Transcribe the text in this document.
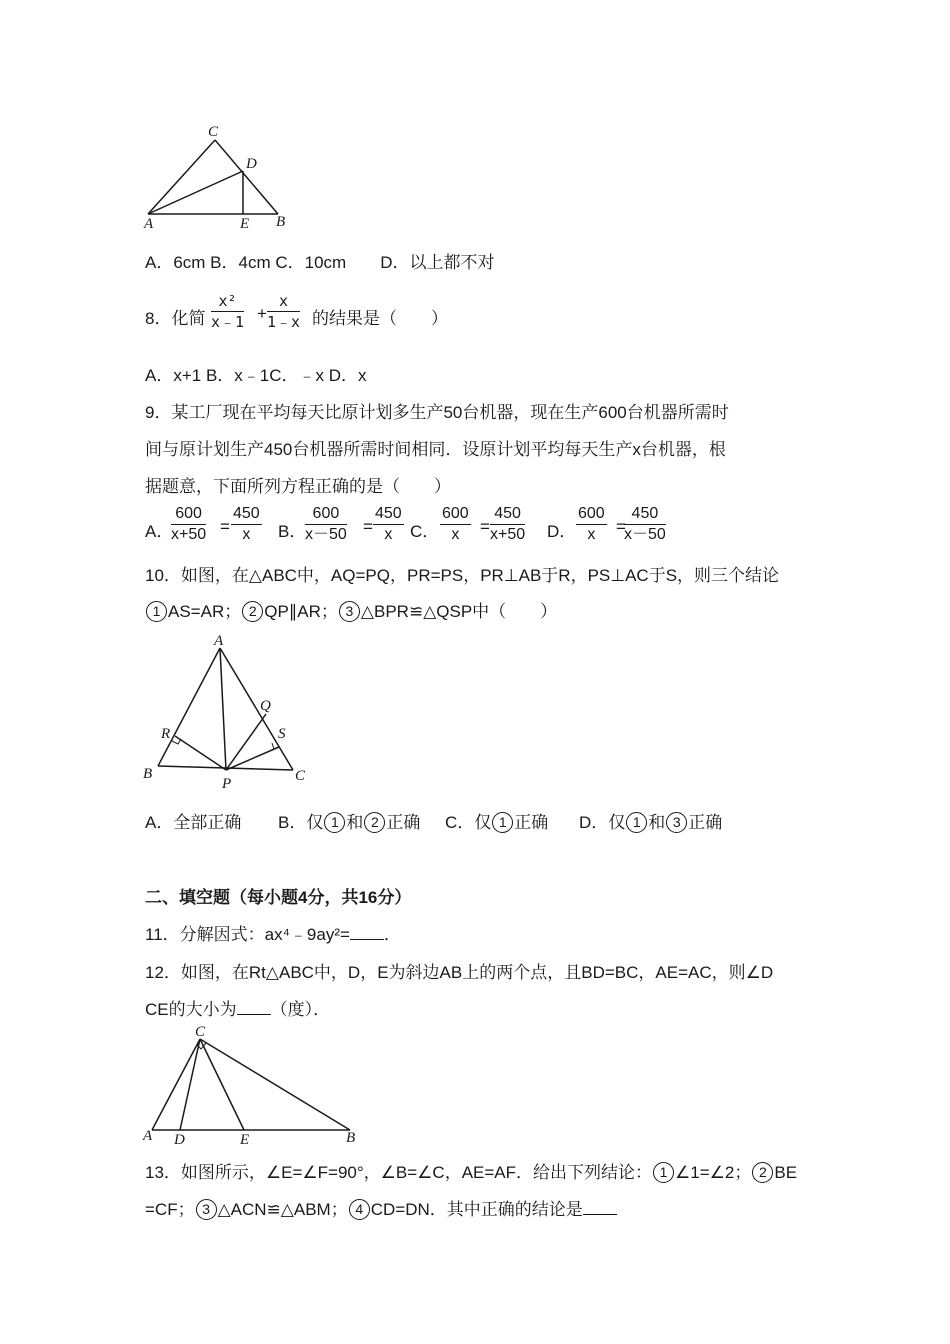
C
D
A	E B
A．6cm B．4cm C．10cm　　D．以上都不对
8．化简 $\frac{\text{x²}}{x﹣1} + \frac{x}{1﹣x}$ 的结果是（　　）
A．x+1 B．x﹣1C．﹣x D．x
9．某工厂现在平均每天比原计划多生产50台机器，现在生产600台机器所需时
间与原计划生产450台机器所需时间相同．设原计划平均每天生产x台机器，根
据题意，下面所列方程正确的是（　　）
A．
$\frac{600}{x+50} = \frac{450}{x}$ B．
$\frac{600}{x-50} = \frac{450}{x}$ C． $\frac{600}{x} = \frac{450}{x+50}$ D． $\frac{600}{x}$ =
$\frac{450}{x-50}$
10．如图，在△ABC中，AQ=PQ，PR=PS，PR⊥AB于R，PS⊥AC于S，则三个结论
1 AS=AR； 2 QP∥AR； 3 △BPR≌△QSP中（　　）
A
Q
R	S
B
P	C
A．全部正确 B．仅 1 和 2 正确 C．仅 1 正确 D．仅 1 和 3 正确
二、填空题（每小题4分，共16分）
11．分解因式：ax⁴﹣9ay²= ．
12．如图，在Rt△ABC中，D，E为斜边AB上的两个点，且BD=BC，AE=AC，则∠D
CE的大小为 （度）．
C
A D	E	B
13．如图所示，∠E=∠F=90°，∠B=∠C，AE=AF．给出下列结论： 1 ∠1=∠2； 2 BE
=CF； 3 △ACN≌△ABM； 4 CD=DN．其中正确的结论是
